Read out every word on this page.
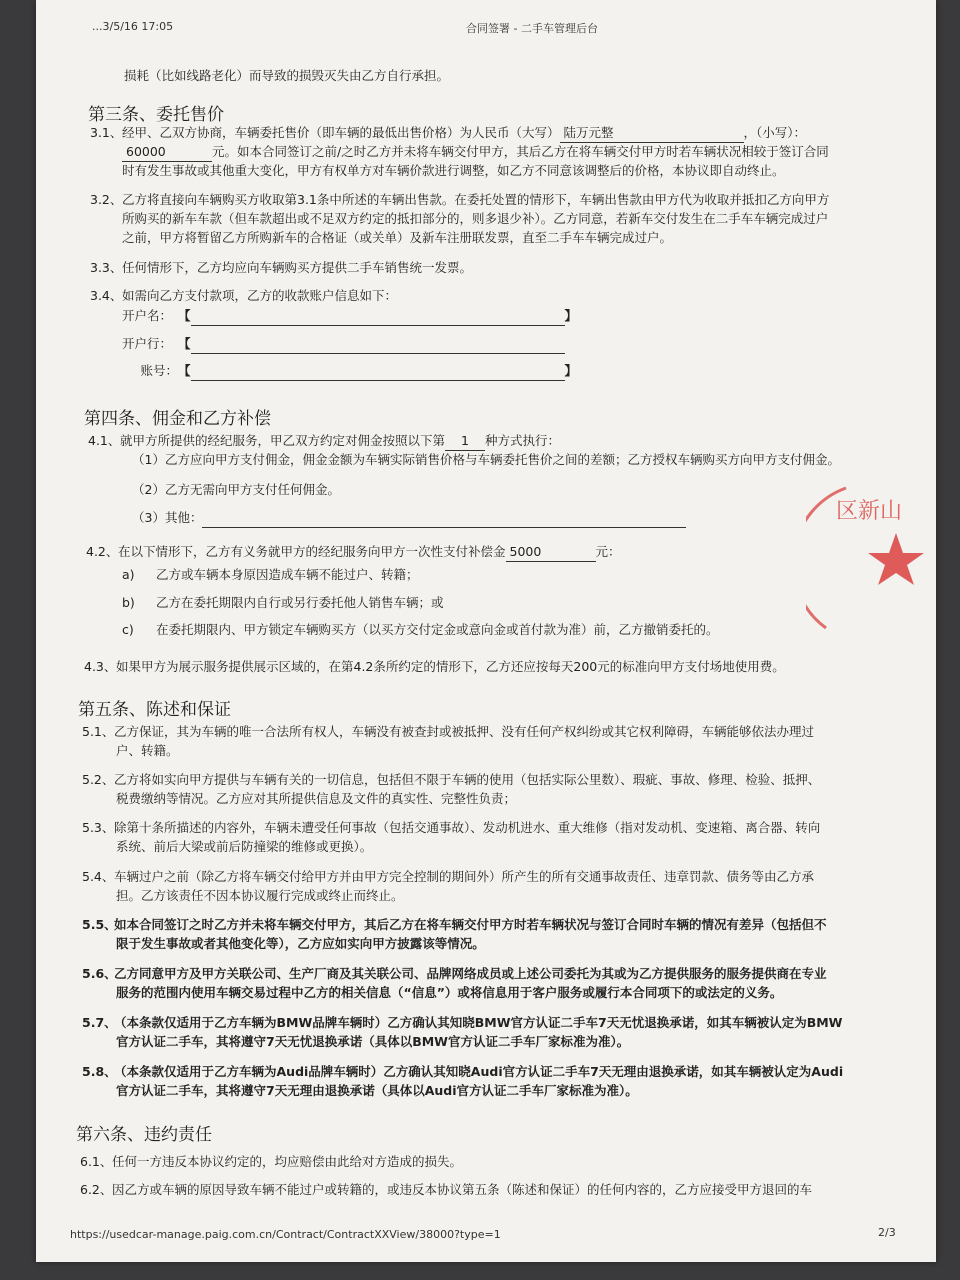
...3/5/16 17:05	合同签署 - 二手车管理后台
损耗（比如线路老化）而导致的损毁灭失由乙方自行承担。
第三条、委托售价
3.1、经甲、乙双方协商，车辆委托售价（即车辆的最低出售价格）为人民币（大写） 陆万元整	，（小写）：
60000	元。如本合同签订之前/之时乙方并未将车辆交付甲方，其后乙方在将车辆交付甲方时若车辆状况相较于签订合同
时有发生事故或其他重大变化，甲方有权单方对车辆价款进行调整，如乙方不同意该调整后的价格，本协议即自动终止。
3.2、乙方将直接向车辆购买方收取第3.1条中所述的车辆出售款。在委托处置的情形下，车辆出售款由甲方代为收取并抵扣乙方向甲方
所购买的新车车款（但车款超出或不足双方约定的抵扣部分的，则多退少补）。乙方同意，若新车交付发生在二手车车辆完成过户
之前，甲方将暂留乙方所购新车的合格证（或关单）及新车注册联发票，直至二手车车辆完成过户。
3.3、任何情形下，乙方均应向车辆购买方提供二手车销售统一发票。
3.4、如需向乙方支付款项，乙方的收款账户信息如下：
开户名： 【	】
开户行： 【
账号：【	】
第四条、佣金和乙方补偿
4.1、就甲方所提供的经纪服务，甲乙双方约定对佣金按照以下第 1 种方式执行：
（1）乙方应向甲方支付佣金，佣金金额为车辆实际销售价格与车辆委托售价之间的差额；乙方授权车辆购买方向甲方支付佣金。
（2）乙方无需向甲方支付任何佣金。
（3）其他：
4.2、在以下情形下，乙方有义务就甲方的经纪服务向甲方一次性支付补偿金 5000	元：
a) 乙方或车辆本身原因造成车辆不能过户、转籍；
b) 乙方在委托期限内自行或另行委托他人销售车辆；或
c) 在委托期限内、甲方锁定车辆购买方（以买方交付定金或意向金或首付款为准）前，乙方撤销委托的。
4.3、如果甲方为展示服务提供展示区域的，在第4.2条所约定的情形下，乙方还应按每天200元的标准向甲方支付场地使用费。
第五条、陈述和保证
5.1、乙方保证，其为车辆的唯一合法所有权人，车辆没有被查封或被抵押、没有任何产权纠纷或其它权利障碍，车辆能够依法办理过
户、转籍。
5.2、乙方将如实向甲方提供与车辆有关的一切信息，包括但不限于车辆的使用（包括实际公里数）、瑕疵、事故、修理、检验、抵押、
税费缴纳等情况。乙方应对其所提供信息及文件的真实性、完整性负责；
5.3、除第十条所描述的内容外，车辆未遭受任何事故（包括交通事故）、发动机进水、重大维修（指对发动机、变速箱、离合器、转向
系统、前后大梁或前后防撞梁的维修或更换）。
5.4、车辆过户之前（除乙方将车辆交付给甲方并由甲方完全控制的期间外）所产生的所有交通事故责任、违章罚款、债务等由乙方承
担。乙方该责任不因本协议履行完成或终止而终止。
5.5、如本合同签订之时乙方并未将车辆交付甲方，其后乙方在将车辆交付甲方时若车辆状况与签订合同时车辆的情况有差异（包括但不
限于发生事故或者其他变化等），乙方应如实向甲方披露该等情况。
5.6、乙方同意甲方及甲方关联公司、生产厂商及其关联公司、品牌网络成员或上述公司委托为其或为乙方提供服务的服务提供商在专业
服务的范围内使用车辆交易过程中乙方的相关信息（“信息”）或将信息用于客户服务或履行本合同项下的或法定的义务。
5.7、（本条款仅适用于乙方车辆为BMW品牌车辆时）乙方确认其知晓BMW官方认证二手车7天无忧退换承诺，如其车辆被认定为BMW
官方认证二手车，其将遵守7天无忧退换承诺（具体以BMW官方认证二手车厂家标准为准）。
5.8、（本条款仅适用于乙方车辆为Audi品牌车辆时）乙方确认其知晓Audi官方认证二手车7天无理由退换承诺，如其车辆被认定为Audi
官方认证二手车，其将遵守7天无理由退换承诺（具体以Audi官方认证二手车厂家标准为准）。
第六条、违约责任
6.1、任何一方违反本协议约定的，均应赔偿由此给对方造成的损失。
6.2、因乙方或车辆的原因导致车辆不能过户或转籍的，或违反本协议第五条（陈述和保证）的任何内容的，乙方应接受甲方退回的车
https://usedcar-manage.paig.com.cn/Contract/ContractXXView/38000?type=1	2/3
区新山
